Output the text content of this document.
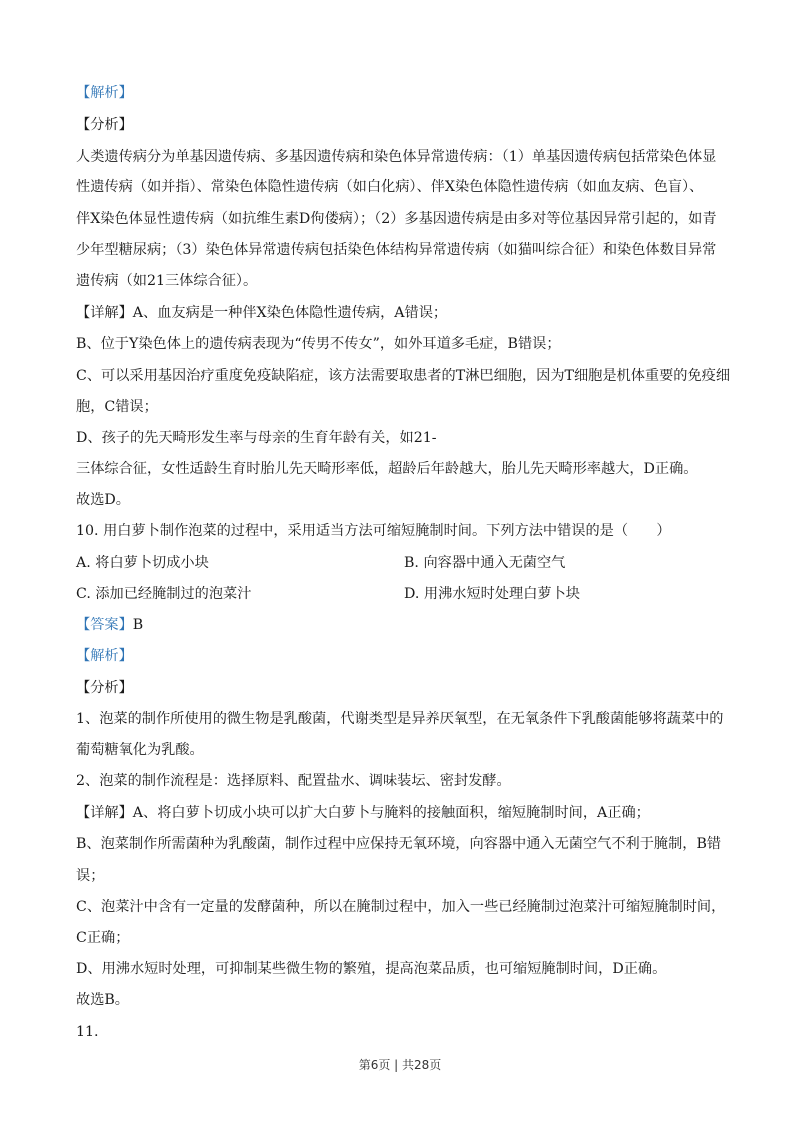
【解析】
【分析】
人类遗传病分为单基因遗传病、多基因遗传病和染色体异常遗传病：（1）单基因遗传病包括常染色体显
性遗传病（如并指）、常染色体隐性遗传病（如白化病）、伴X染色体隐性遗传病（如血友病、色盲）、
伴X染色体显性遗传病（如抗维生素D佝偻病）；（2）多基因遗传病是由多对等位基因异常引起的，如青
少年型糖尿病；（3）染色体异常遗传病包括染色体结构异常遗传病（如猫叫综合征）和染色体数目异常
遗传病（如21三体综合征）。
【详解】A、血友病是一种伴X染色体隐性遗传病，A错误；
B、位于Y染色体上的遗传病表现为“传男不传女”，如外耳道多毛症，B错误；
C、可以采用基因治疗重度免疫缺陷症，该方法需要取患者的T淋巴细胞，因为T细胞是机体重要的免疫细
胞，C错误；
D、孩子的先天畸形发生率与母亲的生育年龄有关，如21-
三体综合征，女性适龄生育时胎儿先天畸形率低，超龄后年龄越大，胎儿先天畸形率越大，D正确。
故选D。
10. 用白萝卜制作泡菜的过程中，采用适当方法可缩短腌制时间。下列方法中错误的是（　　）
A. 将白萝卜切成小块	B. 向容器中通入无菌空气
C. 添加已经腌制过的泡菜汁	D. 用沸水短时处理白萝卜块
【答案】B
【解析】
【分析】
1、泡菜的制作所使用的微生物是乳酸菌，代谢类型是异养厌氧型，在无氧条件下乳酸菌能够将蔬菜中的
葡萄糖氧化为乳酸。
2、泡菜的制作流程是：选择原料、配置盐水、调味装坛、密封发酵。
【详解】A、将白萝卜切成小块可以扩大白萝卜与腌料的接触面积，缩短腌制时间，A正确；
B、泡菜制作所需菌种为乳酸菌，制作过程中应保持无氧环境，向容器中通入无菌空气不利于腌制，B错
误；
C、泡菜汁中含有一定量的发酵菌种，所以在腌制过程中，加入一些已经腌制过泡菜汁可缩短腌制时间，
C正确；
D、用沸水短时处理，可抑制某些微生物的繁殖，提高泡菜品质，也可缩短腌制时间，D正确。
故选B。
11.
第6页 | 共28页
